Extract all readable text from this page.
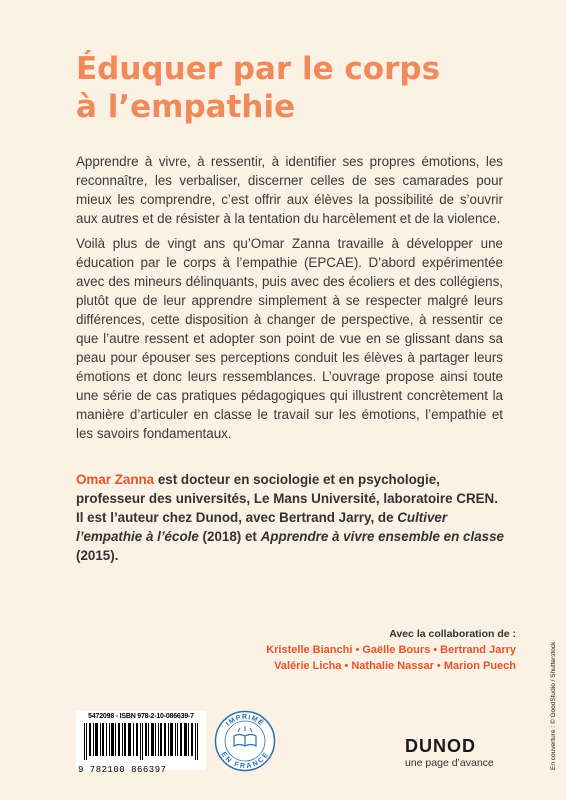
Éduquer par le corps
à l’empathie

Apprendre à vivre, à ressentir, à identifier ses propres émotions, les reconnaître, les verbaliser, discerner celles de ses camarades pour mieux les comprendre, c’est offrir aux élèves la possibilité de s’ouvrir aux autres et de résister à la tentation du harcèlement et de la violence.

Voilà plus de vingt ans qu’Omar Zanna travaille à développer une éducation par le corps à l’empathie (EPCAE). D’abord expérimentée avec des mineurs délinquants, puis avec des écoliers et des collégiens, plutôt que de leur apprendre simplement à se respecter malgré leurs différences, cette disposition à changer de perspective, à ressentir ce que l’autre ressent et adopter son point de vue en se glissant dans sa peau pour épouser ses perceptions conduit les élèves à partager leurs émotions et donc leurs ressemblances. L’ouvrage propose ainsi toute une série de cas pratiques pédagogiques qui illustrent concrètement la manière d’articuler en classe le travail sur les émotions, l’empathie et les savoirs fondamentaux.

Omar Zanna est docteur en sociologie et en psychologie, professeur des universités, Le Mans Université, laboratoire CREN. Il est l’auteur chez Dunod, avec Bertrand Jarry, de Cultiver l’empathie à l’école (2018) et Apprendre à vivre ensemble en classe (2015).
Avec la collaboration de :
Kristelle Bianchi • Gaëlle Bours • Bertrand Jarry
Valérie Licha • Nathalie Nassar • Marion Puech	En couverture : © GoodStudio / Shutterstock
5472098 - ISBN 978-2-10-086639-7
9 782100 866397
IMPRIMÉ
EN FRANCE	DUNOD
une page d’avance
